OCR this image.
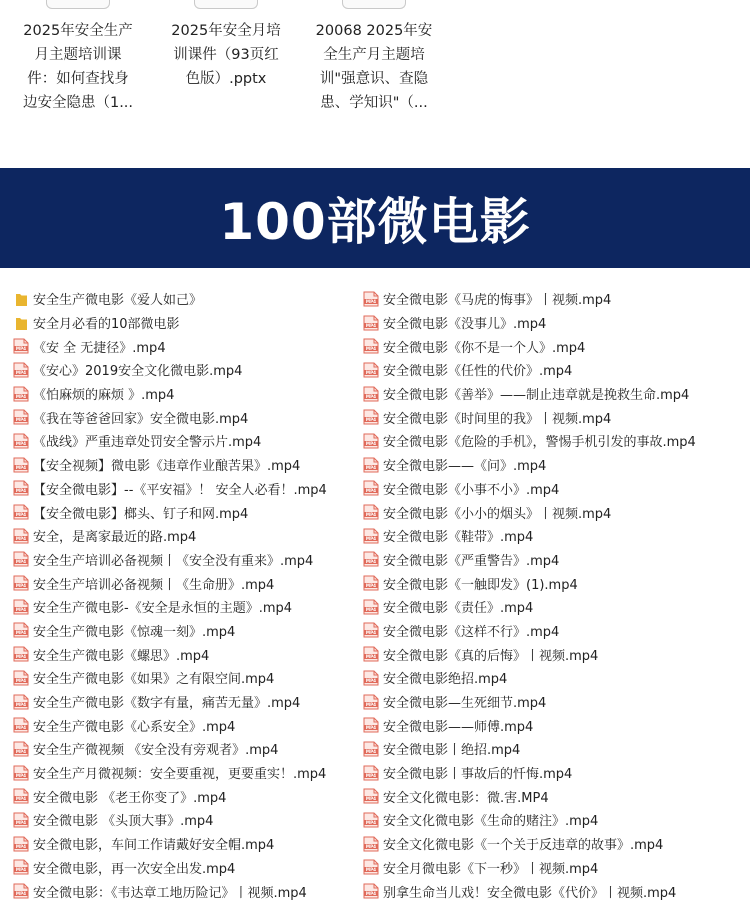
2025年安全生产
月主题培训课
件：如何查找身
边安全隐患（1...
2025年安全月培
训课件（93页红
色版）.pptx
20068 2025年安
全生产月主题培
训"强意识、查隐
患、学知识"（...
100部微电影
安全生产微电影《爱人如己》
安全月必看的10部微电影
MP4 《安 全 无捷径》.mp4
MP4 《安心》2019安全文化微电影.mp4
MP4 《怕麻烦的麻烦 》.mp4
MP4 《我在等爸爸回家》安全微电影.mp4
MP4 《战线》严重违章处罚安全警示片.mp4
MP4 【安全视频】微电影《违章作业酿苦果》.mp4
MP4 【安全微电影】--《平安福》！ 安全人必看！.mp4
MP4 【安全微电影】榔头、钉子和网.mp4
MP4 安全，是离家最近的路.mp4
MP4 安全生产培训必备视频丨《安全没有重来》.mp4
MP4 安全生产培训必备视频丨《生命册》.mp4
MP4 安全生产微电影-《安全是永恒的主题》.mp4
MP4 安全生产微电影《惊魂一刻》.mp4
MP4 安全生产微电影《螺思》.mp4
MP4 安全生产微电影《如果》之有限空间.mp4
MP4 安全生产微电影《数字有量，痛苦无量》.mp4
MP4 安全生产微电影《心系安全》.mp4
MP4 安全生产微视频 《安全没有旁观者》.mp4
MP4 安全生产月微视频：安全要重视，更要重实！.mp4
MP4 安全微电影 《老王你变了》.mp4
MP4 安全微电影 《头顶大事》.mp4
MP4 安全微电影，车间工作请戴好安全帽.mp4
MP4 安全微电影，再一次安全出发.mp4
MP4 安全微电影：《韦达章工地历险记》丨视频.mp4
MP4 安全微电影《马虎的悔事》丨视频.mp4
MP4 安全微电影《没事儿》.mp4
MP4 安全微电影《你不是一个人》.mp4
MP4 安全微电影《任性的代价》.mp4
MP4 安全微电影《善举》——制止违章就是挽救生命.mp4
MP4 安全微电影《时间里的我》丨视频.mp4
MP4 安全微电影《危险的手机》，警惕手机引发的事故.mp4
MP4 安全微电影——《问》.mp4
MP4 安全微电影《小事不小》.mp4
MP4 安全微电影《小小的烟头》丨视频.mp4
MP4 安全微电影《鞋带》.mp4
MP4 安全微电影《严重警告》.mp4
MP4 安全微电影《一触即发》(1).mp4
MP4 安全微电影《责任》.mp4
MP4 安全微电影《这样不行》.mp4
MP4 安全微电影《真的后悔》丨视频.mp4
MP4 安全微电影绝招.mp4
MP4 安全微电影—生死细节.mp4
MP4 安全微电影——师傅.mp4
MP4 安全微电影丨绝招.mp4
MP4 安全微电影丨事故后的忏悔.mp4
MP4 安全文化微电影：微.害.MP4
MP4 安全文化微电影《生命的赌注》.mp4
MP4 安全文化微电影《一个关于反违章的故事》.mp4
MP4 安全月微电影《下一秒》丨视频.mp4
MP4 别拿生命当儿戏！安全微电影《代价》丨视频.mp4
